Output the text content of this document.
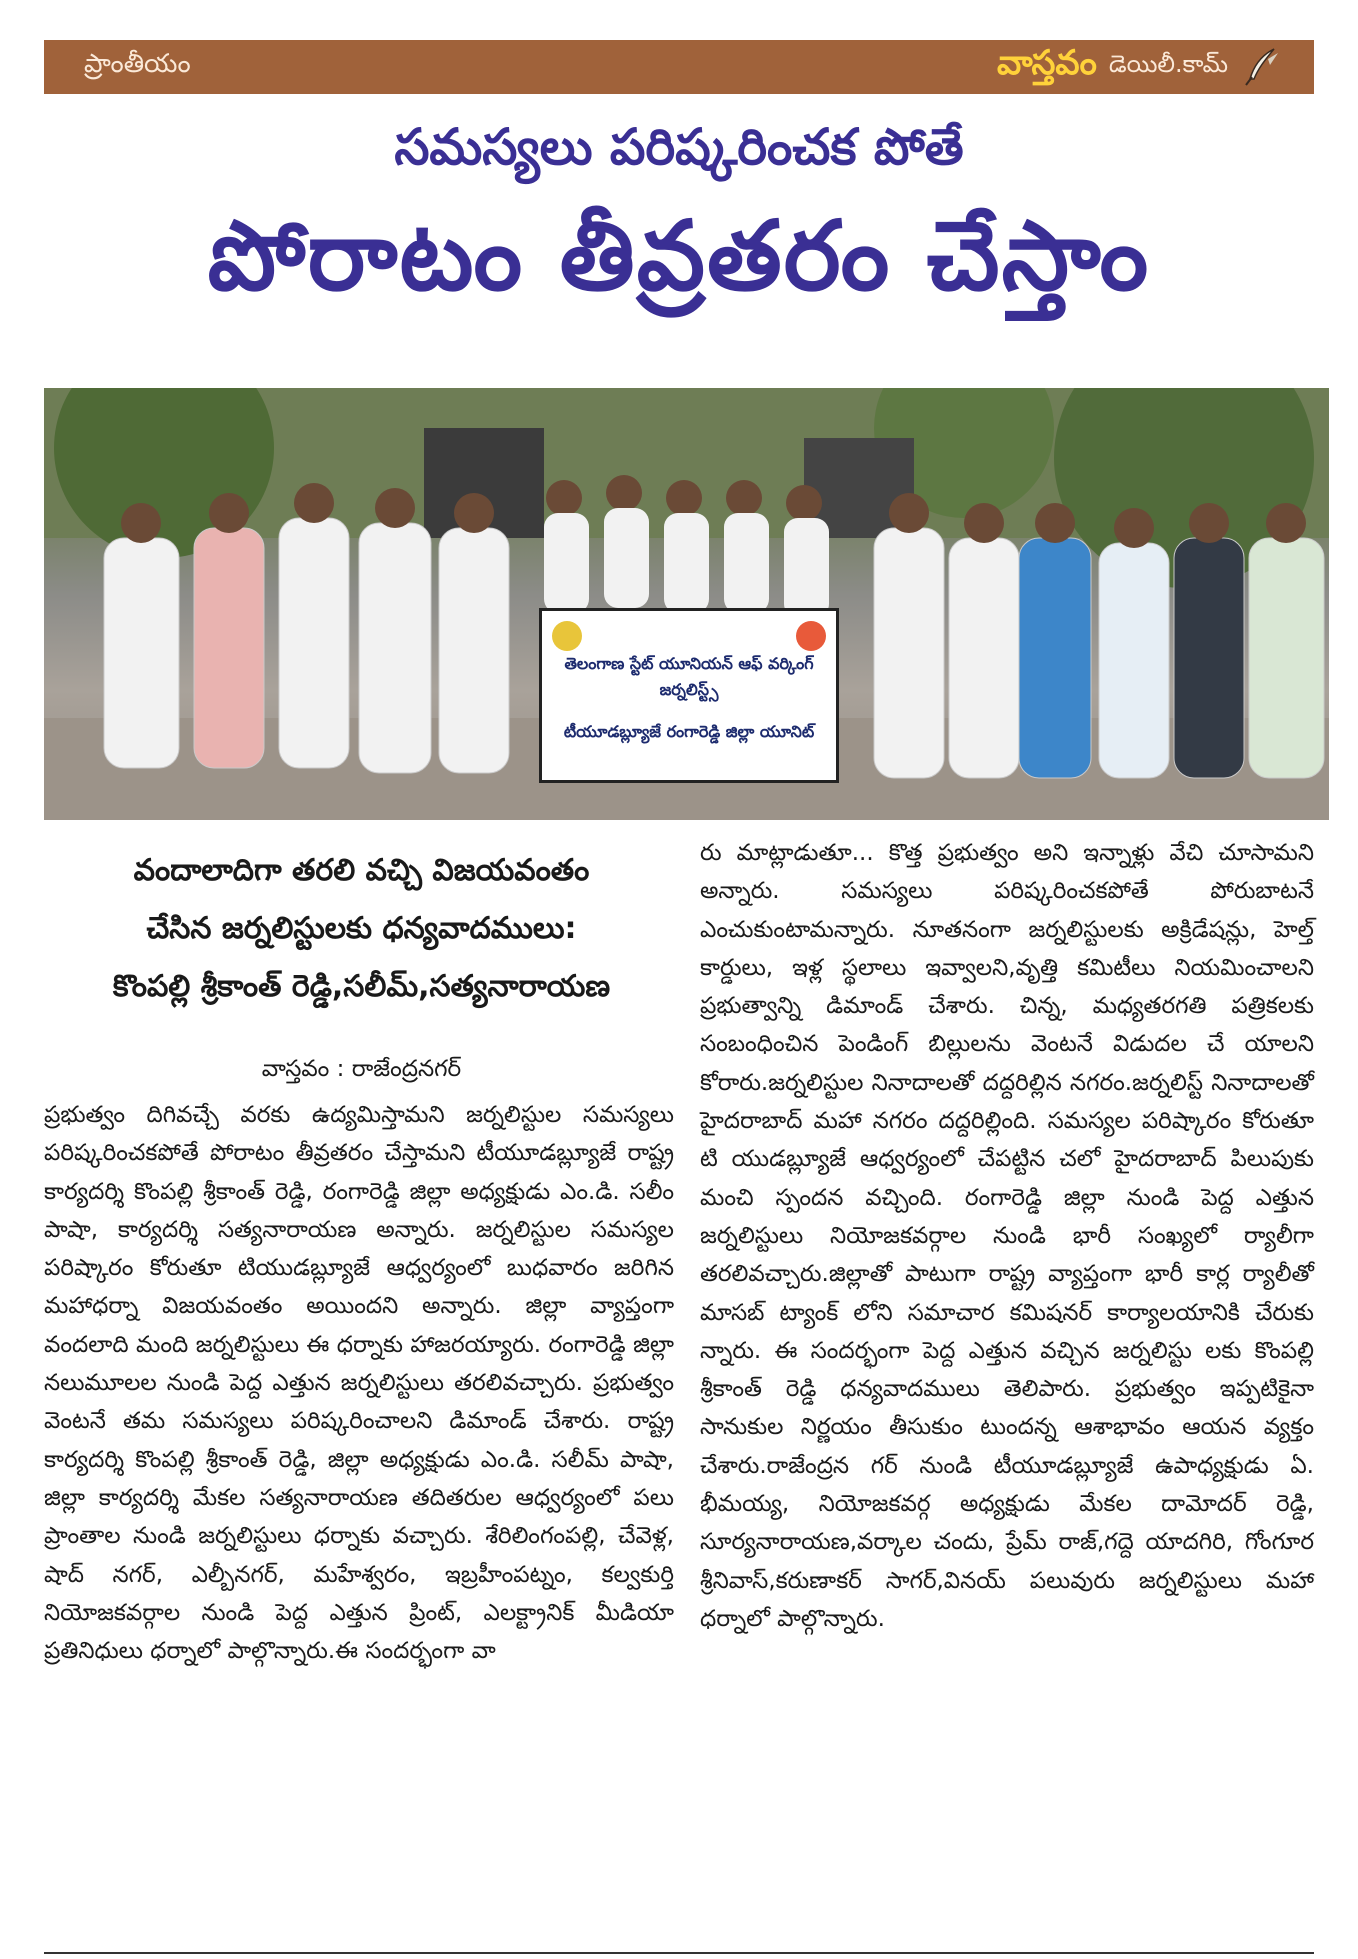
ప్రాంతీయం	వాస్తవం డెయిలీ.కామ్
సమస్యలు పరిష్కరించక పోతే
పోరాటం తీవ్రతరం చేస్తాం
తెలంగాణ స్టేట్ యూనియన్ ఆఫ్ వర్కింగ్ జర్నలిస్ట్స్
టీయూడబ్ల్యూజే రంగారెడ్డి జిల్లా యూనిట్
వందాలాదిగా తరలి వచ్చి విజయవంతం
చేసిన జర్నలిస్టులకు ధన్యవాదములు:
కొంపల్లి శ్రీకాంత్ రెడ్డి,సలీమ్,సత్యనారాయణ
వాస్తవం : రాజేంద్రనగర్
ప్రభుత్వం దిగివచ్చే వరకు ఉద్యమిస్తామని జర్నలిస్టుల సమస్యలు పరిష్కరించకపోతే పోరాటం తీవ్రతరం చేస్తామని టీయూడబ్ల్యూజే రాష్ట్ర కార్యదర్శి కొంపల్లి శ్రీకాంత్ రెడ్డి, రంగారెడ్డి జిల్లా అధ్యక్షుడు ఎం.డి. సలీం పాషా, కార్యదర్శి సత్యనారాయణ అన్నారు. జర్నలిస్టుల సమస్యల పరిష్కారం కోరుతూ టియుడబ్ల్యూజే ఆధ్వర్యంలో బుధవారం జరిగిన మహాధర్నా విజయవంతం అయిందని అన్నారు. జిల్లా వ్యాప్తంగా వందలాది మంది జర్నలిస్టులు ఈ ధర్నాకు హాజరయ్యారు. రంగారెడ్డి జిల్లా నలుమూలల నుండి పెద్ద ఎత్తున జర్నలిస్టులు తరలివచ్చారు. ప్రభుత్వం వెంటనే తమ సమస్యలు పరిష్కరించాలని డిమాండ్ చేశారు. రాష్ట్ర కార్యదర్శి కొంపల్లి శ్రీకాంత్ రెడ్డి, జిల్లా అధ్యక్షుడు ఎం.డి. సలీమ్ పాషా, జిల్లా కార్యదర్శి మేకల సత్యనారాయణ తదితరుల ఆధ్వర్యంలో పలు ప్రాంతాల నుండి జర్నలిస్టులు ధర్నాకు వచ్చారు. శేరిలింగంపల్లి, చేవెళ్ల, షాద్ నగర్, ఎల్బీనగర్, మహేశ్వరం, ఇబ్రహీంపట్నం, కల్వకుర్తి నియోజకవర్గాల నుండి పెద్ద ఎత్తున ప్రింట్, ఎలక్ట్రానిక్ మీడియా ప్రతినిధులు ధర్నాలో పాల్గొన్నారు.ఈ సందర్భంగా వా
రు మాట్లాడుతూ... కొత్త ప్రభుత్వం అని ఇన్నాళ్లు వేచి చూసామని అన్నారు. సమస్యలు పరిష్కరించకపోతే పోరుబాటనే ఎంచుకుంటామన్నారు. నూతనంగా జర్నలిస్టులకు అక్రిడేషన్లు, హెల్త్ కార్డులు, ఇళ్ల స్థలాలు ఇవ్వాలని,వృత్తి కమిటీలు నియమించాలని ప్రభుత్వాన్ని డిమాండ్ చేశారు. చిన్న, మధ్యతరగతి పత్రికలకు సంబంధించిన పెండింగ్ బిల్లులను వెంటనే విడుదల చే యాలని కోరారు.జర్నలిస్టుల నినాదాలతో దద్దరిల్లిన నగరం.జర్నలిస్ట్ నినాదాలతో హైదరాబాద్ మహా నగరం దద్దరిల్లింది. సమస్యల పరిష్కారం కోరుతూ టి యుడబ్ల్యూజే ఆధ్వర్యంలో చేపట్టిన చలో హైదరాబాద్ పిలుపుకు మంచి స్పందన వచ్చింది. రంగారెడ్డి జిల్లా నుండి పెద్ద ఎత్తున జర్నలిస్టులు నియోజకవర్గాల నుండి భారీ సంఖ్యలో ర్యాలీగా తరలివచ్చారు.జిల్లాతో పాటుగా రాష్ట్ర వ్యాప్తంగా భారీ కార్ల ర్యాలీతో మాసబ్ ట్యాంక్ లోని సమాచార కమిషనర్ కార్యాలయానికి చేరుకు న్నారు. ఈ సందర్భంగా పెద్ద ఎత్తున వచ్చిన జర్నలిస్టు లకు కొంపల్లి శ్రీకాంత్ రెడ్డి ధన్యవాదములు తెలిపారు. ప్రభుత్వం ఇప్పటికైనా సానుకుల నిర్ణయం తీసుకుం టుందన్న ఆశాభావం ఆయన వ్యక్తం చేశారు.రాజేంద్రన గర్ నుండి టీయూడబ్ల్యూజే ఉపాధ్యక్షుడు ఏ. భీమయ్య, నియోజకవర్గ అధ్యక్షుడు మేకల దామోదర్ రెడ్డి, సూర్యనారాయణ,వర్కాల చందు, ప్రేమ్ రాజ్,గద్దె యాదగిరి, గోంగూర శ్రీనివాస్,కరుణాకర్ సాగర్,వినయ్ పలువురు జర్నలిస్టులు మహా ధర్నాలో పాల్గొన్నారు.
